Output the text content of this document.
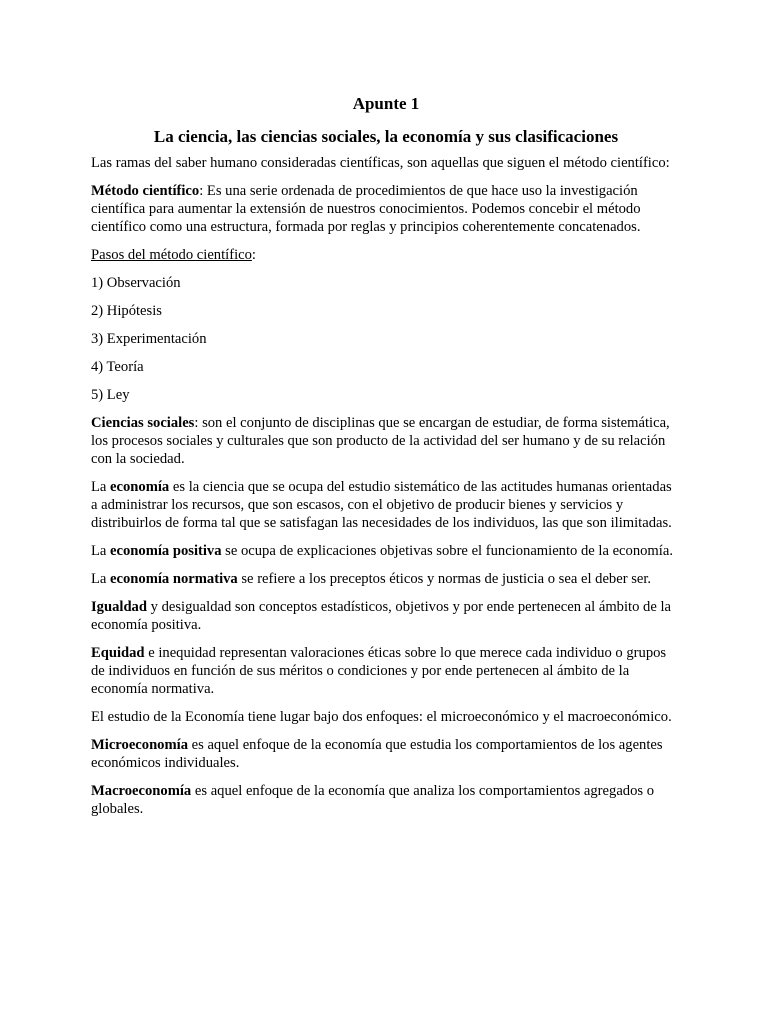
Apunte 1
La ciencia, las ciencias sociales, la economía y sus clasificaciones

Las ramas del saber humano consideradas científicas, son aquellas que siguen el método científico:

Método científico: Es una serie ordenada de procedimientos de que hace uso la investigación científica para aumentar la extensión de nuestros conocimientos. Podemos concebir el método científico como una estructura, formada por reglas y principios coherentemente concatenados.

Pasos del método científico:

1) Observación

2) Hipótesis

3) Experimentación

4) Teoría

5) Ley

Ciencias sociales: son el conjunto de disciplinas que se encargan de estudiar, de forma sistemática, los procesos sociales y culturales que son producto de la actividad del ser humano y de su relación con la sociedad.

La economía es la ciencia que se ocupa del estudio sistemático de las actitudes humanas orientadas a administrar los recursos, que son escasos, con el objetivo de producir bienes y servicios y distribuirlos de forma tal que se satisfagan las necesidades de los individuos, las que son ilimitadas.

La economía positiva se ocupa de explicaciones objetivas sobre el funcionamiento de la economía.

La economía normativa se refiere a los preceptos éticos y normas de justicia o sea el deber ser.

Igualdad y desigualdad son conceptos estadísticos, objetivos y por ende pertenecen al ámbito de la economía positiva.

Equidad e inequidad representan valoraciones éticas sobre lo que merece cada individuo o grupos de individuos en función de sus méritos o condiciones y por ende pertenecen al ámbito de la economía normativa.

El estudio de la Economía tiene lugar bajo dos enfoques: el microeconómico y el macroeconómico.

Microeconomía es aquel enfoque de la economía que estudia los comportamientos de los agentes económicos individuales.

Macroeconomía es aquel enfoque de la economía que analiza los comportamientos agregados o globales.
